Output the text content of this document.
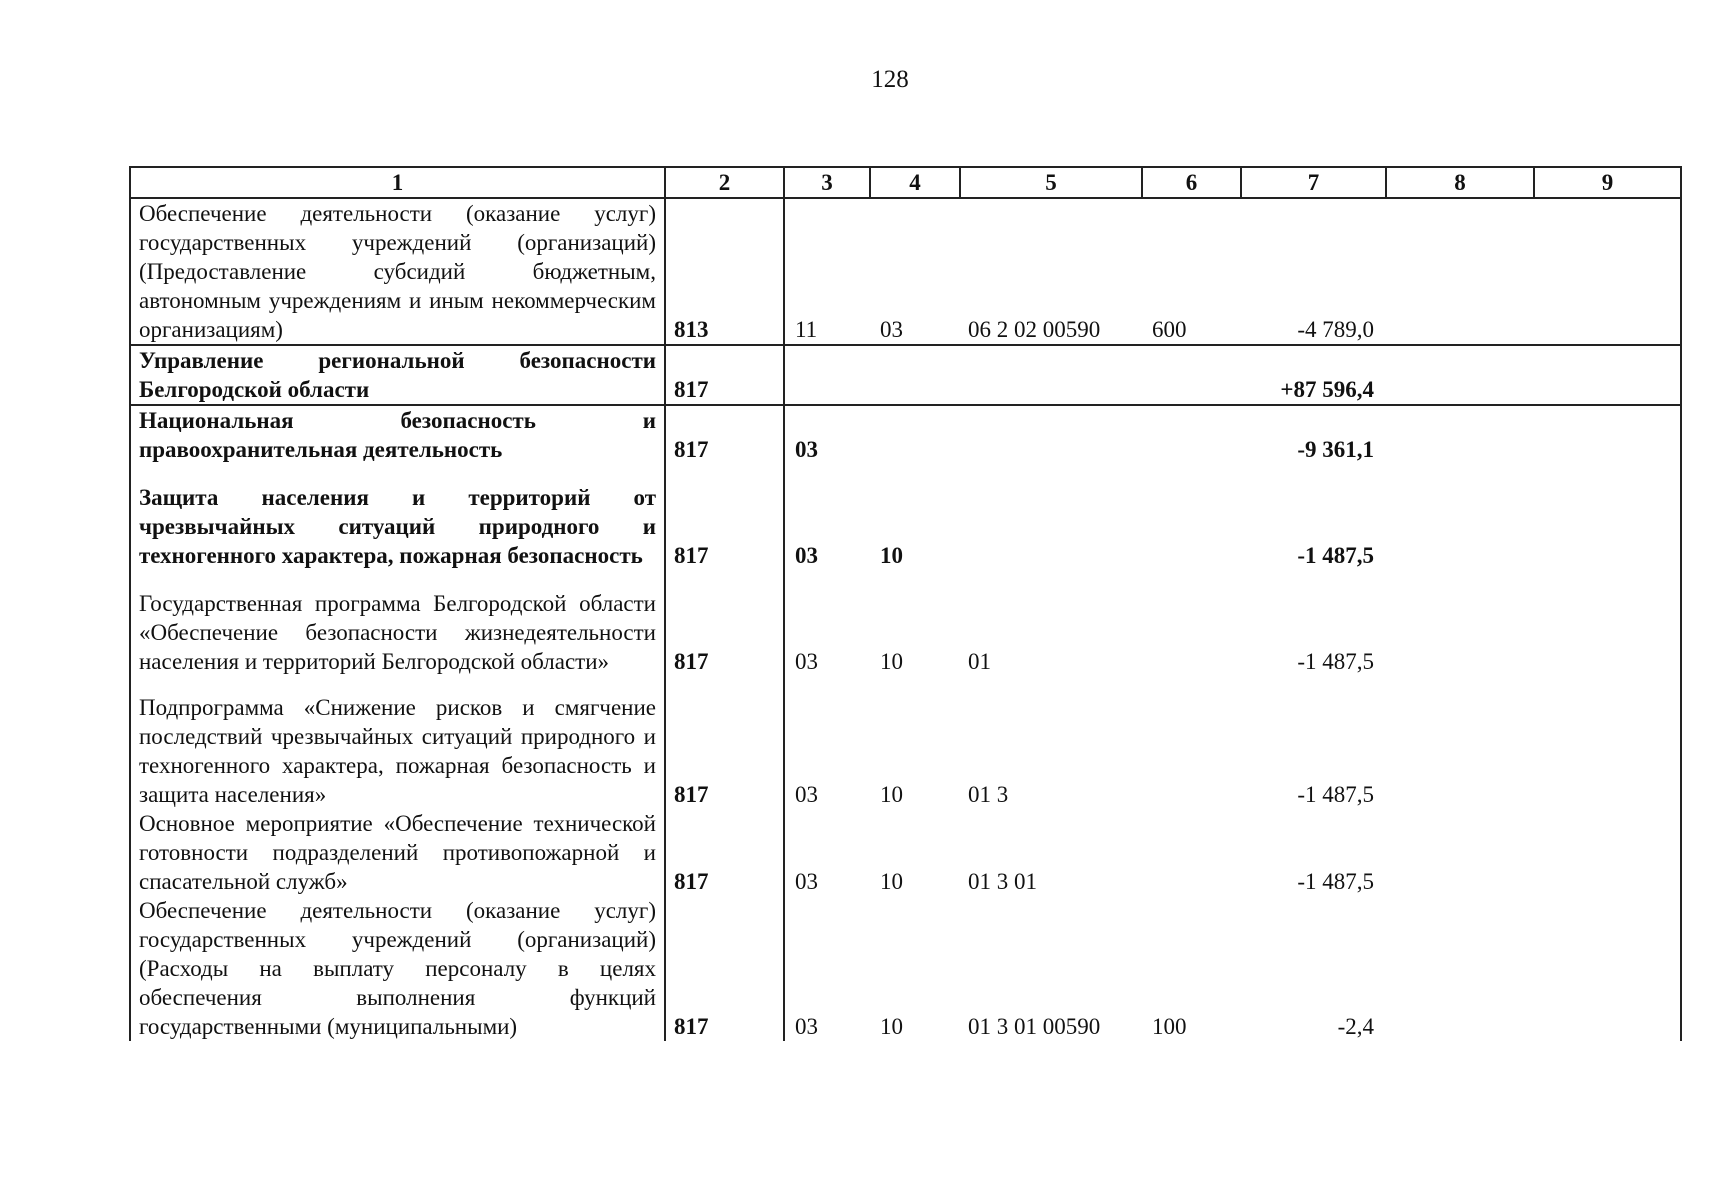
128
1	2	3	4	5	6	7	8	9
Обеспечение деятельности (оказание услуг) государственных учреждений (организаций) (Предоставление субсидий бюджетным, автономным учреждениям и иным некоммерческим организациям)	813	11	03	06 2 02 00590	600	-4 789,0		
Управление региональной безопасности Белгородской области	817					+87 596,4		
Национальная безопасность и правоохранительная деятельность	817	03				-9 361,1		
Защита населения и территорий от чрезвычайных ситуаций природного и техногенного характера, пожарная безопасность	817	03	10			-1 487,5		
Государственная программа Белгородской области «Обеспечение безопасности жизнедеятельности населения и территорий Белгородской области»	817	03	10	01		-1 487,5		
Подпрограмма «Снижение рисков и смягчение последствий чрезвычайных ситуаций природного и техногенного характера, пожарная безопасность и защита населения»	817	03	10	01 3		-1 487,5		
Основное мероприятие «Обеспечение технической готовности подразделений противопожарной и спасательной служб»	817	03	10	01 3 01		-1 487,5		
Обеспечение деятельности (оказание услуг) государственных учреждений (организаций) (Расходы на выплату персоналу в целях обеспечения выполнения функций государственными (муниципальными)	817	03	10	01 3 01 00590	100	-2,4		
